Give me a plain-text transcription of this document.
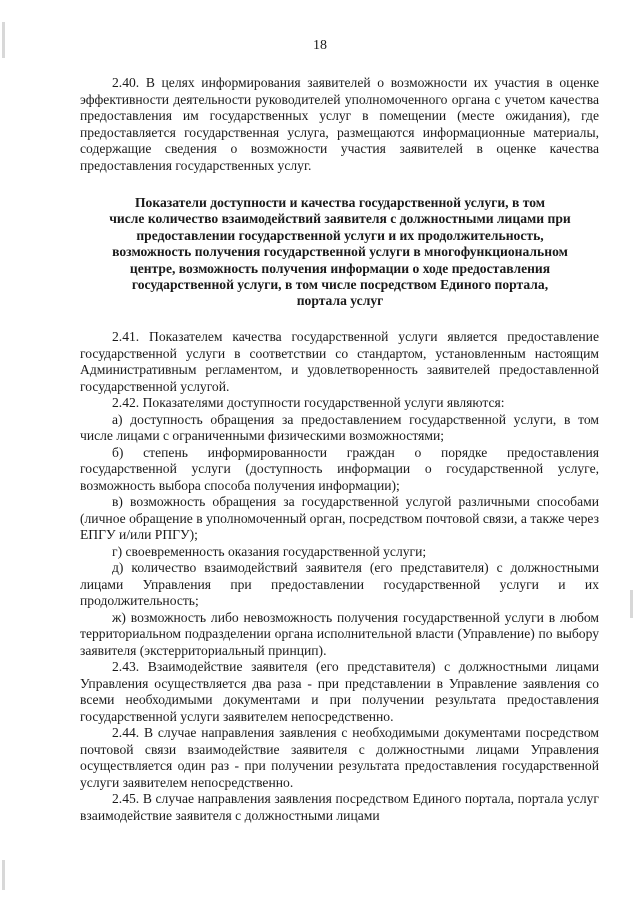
18

2.40. В целях информирования заявителей о возможности их участия в оценке эффективности деятельности руководителей уполномоченного органа с учетом качества предоставления им государственных услуг в помещении (месте ожидания), где предоставляется государственная услуга, размещаются информационные материалы, содержащие сведения о возможности участия заявителей в оценке качества предоставления государственных услуг.

Показатели доступности и качества государственной услуги, в том
числе количество взаимодействий заявителя с должностными лицами при
предоставлении государственной услуги и их продолжительность,
возможность получения государственной услуги в многофункциональном
центре, возможность получения информации о ходе предоставления
государственной услуги, в том числе посредством Единого портала,
портала услуг

2.41. Показателем качества государственной услуги является предоставление государственной услуги в соответствии со стандартом, установленным настоящим Административным регламентом, и удовлетворенность заявителей предоставленной государственной услугой.

2.42. Показателями доступности государственной услуги являются:

а) доступность обращения за предоставлением государственной услуги, в том числе лицами с ограниченными физическими возможностями;

б) степень информированности граждан о порядке предоставления государственной услуги (доступность информации о государственной услуге, возможность выбора способа получения информации);

в) возможность обращения за государственной услугой различными способами (личное обращение в уполномоченный орган, посредством почтовой связи, а также через ЕПГУ и/или РПГУ);

г) своевременность оказания государственной услуги;

д) количество взаимодействий заявителя (его представителя) с должностными лицами Управления при предоставлении государственной услуги и их продолжительность;

ж) возможность либо невозможность получения государственной услуги в любом территориальном подразделении органа исполнительной власти (Управление) по выбору заявителя (экстерриториальный принцип).

2.43. Взаимодействие заявителя (его представителя) с должностными лицами Управления осуществляется два раза - при представлении в Управление заявления со всеми необходимыми документами и при получении результата предоставления государственной услуги заявителем непосредственно.

2.44. В случае направления заявления с необходимыми документами посредством почтовой связи взаимодействие заявителя с должностными лицами Управления осуществляется один раз - при получении результата предоставления государственной услуги заявителем непосредственно.

2.45. В случае направления заявления посредством Единого портала, портала услуг взаимодействие заявителя с должностными лицами
